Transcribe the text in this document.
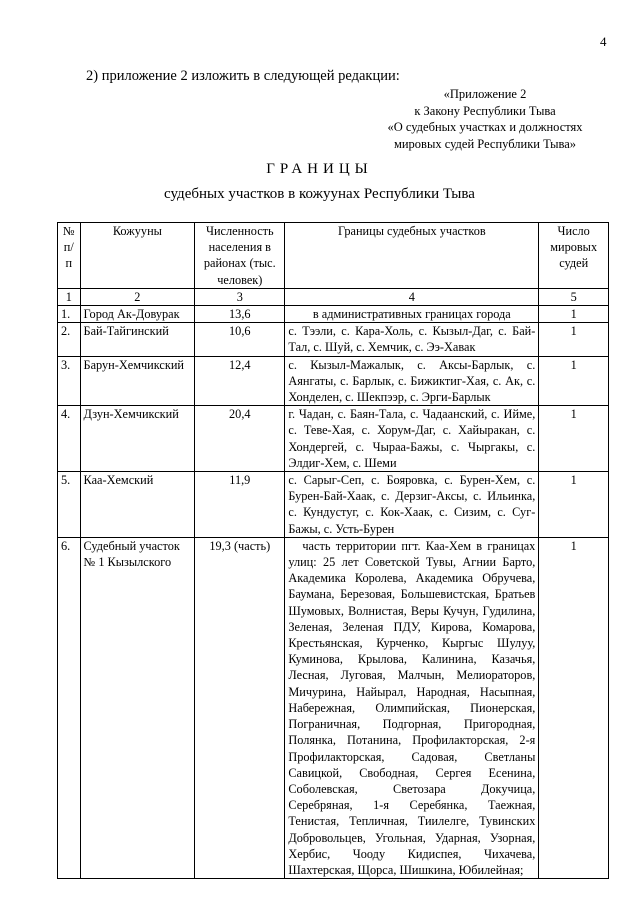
4
2) приложение 2 изложить в следующей редакции:
«Приложение 2
к Закону Республики Тыва
«О судебных участках и должностях
мировых судей Республики Тыва»
ГРАНИЦЫ
судебных участков в кожуунах Республики Тыва
№ п/п	Кожууны	Численность населения в районах (тыс. человек)	Границы судебных участков	Число мировых судей
1	2	3	4	5
1.	Город Ак-Довурак	13,6	в административных границах города	1
2.	Бай-Тайгинский	10,6	с. Тээли, с. Кара-Холь, с. Кызыл-Даг, с. Бай-Тал, с. Шуй, с. Хемчик, с. Ээ-Хавак	1
3.	Барун-Хемчикский	12,4	с. Кызыл-Мажалык, с. Аксы-Барлык, с. Аянгаты, с. Барлык, с. Бижиктиг-Хая, с. Ак, с. Хонделен, с. Шекпээр, с. Эрги-Барлык	1
4.	Дзун-Хемчикский	20,4	г. Чадан, с. Баян-Тала, с. Чадаанский, с. Ийме, с. Теве-Хая, с. Хорум-Даг, с. Хайыракан, с. Хондергей, с. Чыраа-Бажы, с. Чыргакы, с. Элдиг-Хем, с. Шеми	1
5.	Каа-Хемский	11,9	с. Сарыг-Сеп, с. Бояровка, с. Бурен-Хем, с. Бурен-Бай-Хаак, с. Дерзиг-Аксы, с. Ильинка, с. Кундустуг, с. Кок-Хаак, с. Сизим, с. Суг-Бажы, с. Усть-Бурен	1
6.	Судебный участок № 1 Кызылского	19,3 (часть)	часть территории пгт. Каа-Хем в границах улиц: 25 лет Советской Тувы, Агнии Барто, Академика Королева, Академика Обручева, Баумана, Березовая, Большевистская, Братьев Шумовых, Волнистая, Веры Кучун, Гудилина, Зеленая, Зеленая ПДУ, Кирова, Комарова, Крестьянская, Курченко, Кыргыс Шулуу, Куминова, Крылова, Калинина, Казачья, Лесная, Луговая, Малчын, Мелиораторов, Мичурина, Найырал, Народная, Насыпная, Набережная, Олимпийская, Пионерская, Пограничная, Подгорная, Пригородная, Полянка, Потанина, Профилакторская, 2-я Профилакторская, Садовая, Светланы Савицкой, Свободная, Сергея Есенина, Соболевская, Светозара Докучица, Серебряная, 1-я Серебянка, Таежная, Тенистая, Тепличная, Тиилелге, Тувинских Добровольцев, Угольная, Ударная, Узорная, Хербис, Чооду Кидиспея, Чихачева, Шахтерская, Щорса, Шишкина, Юбилейная;	1
